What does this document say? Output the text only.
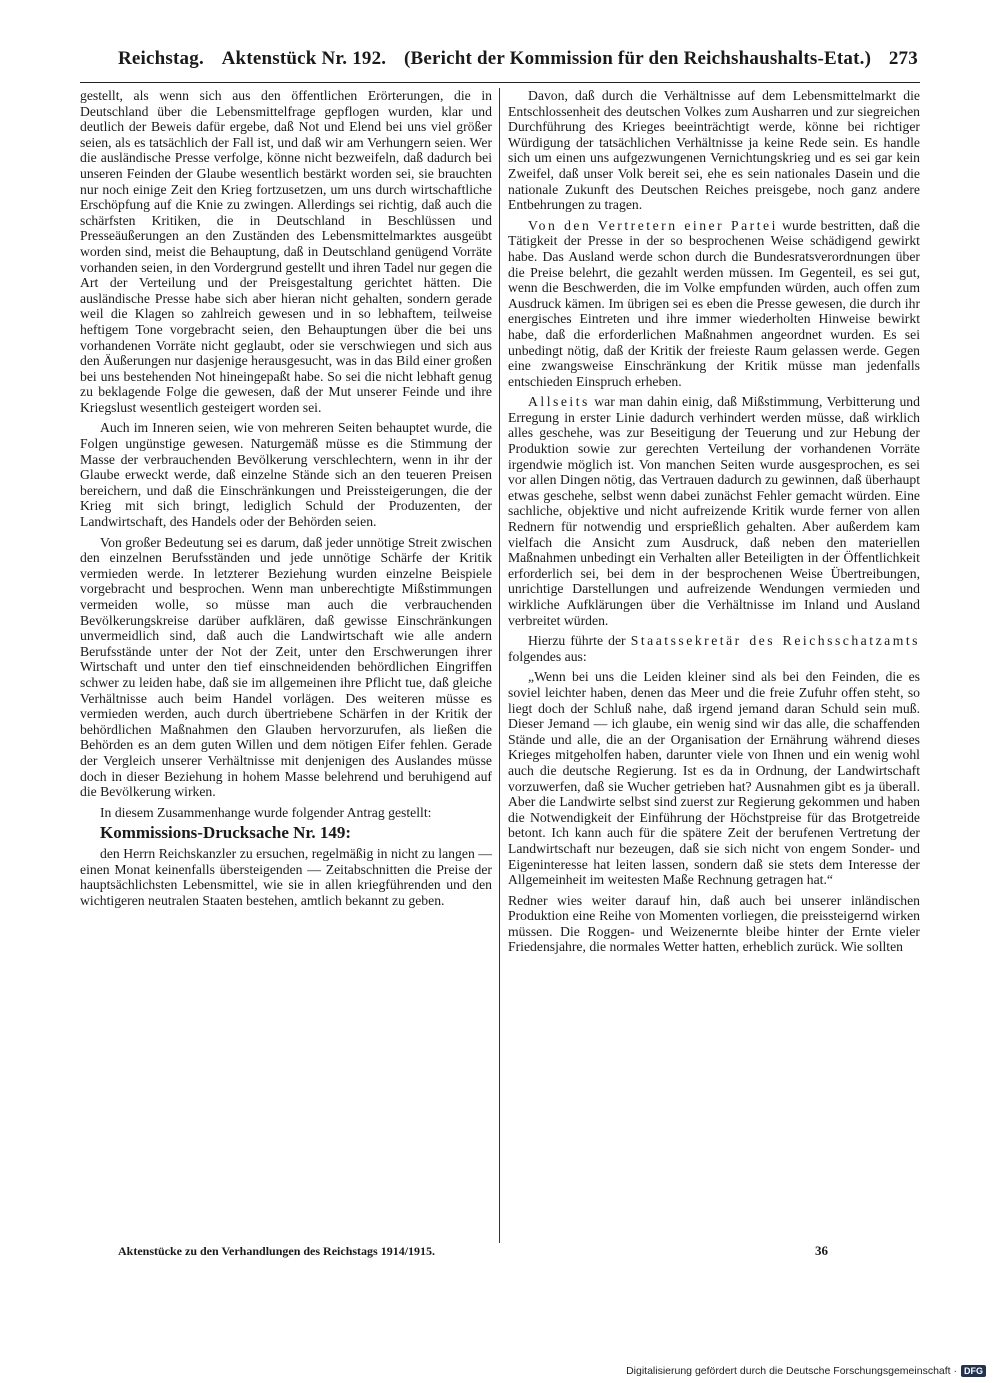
Reichstag. Aktenstück Nr. 192. (Bericht der Kommission für den Reichshaushalts-Etat.) 273

gestellt, als wenn sich aus den öffentlichen Erörterungen, die in Deutschland über die Lebensmittelfrage gepflogen wurden, klar und deutlich der Beweis dafür ergebe, daß Not und Elend bei uns viel größer seien, als es tatsächlich der Fall ist, und daß wir am Verhungern seien. Wer die ausländische Presse verfolge, könne nicht bezweifeln, daß dadurch bei unseren Feinden der Glaube wesentlich bestärkt worden sei, sie brauchten nur noch einige Zeit den Krieg fortzusetzen, um uns durch wirtschaftliche Erschöpfung auf die Knie zu zwingen. Allerdings sei richtig, daß auch die schärfsten Kritiken, die in Deutschland in Beschlüssen und Presseäußerungen an den Zuständen des Lebensmittelmarktes ausgeübt worden sind, meist die Behauptung, daß in Deutschland genügend Vorräte vorhanden seien, in den Vordergrund gestellt und ihren Tadel nur gegen die Art der Verteilung und der Preisgestaltung gerichtet hätten. Die ausländische Presse habe sich aber hieran nicht gehalten, sondern gerade weil die Klagen so zahlreich gewesen und in so lebhaftem, teilweise heftigem Tone vorgebracht seien, den Behauptungen über die bei uns vorhandenen Vorräte nicht geglaubt, oder sie verschwiegen und sich aus den Äußerungen nur dasjenige herausgesucht, was in das Bild einer großen bei uns bestehenden Not hineingepaßt habe. So sei die nicht lebhaft genug zu beklagende Folge die gewesen, daß der Mut unserer Feinde und ihre Kriegslust wesentlich gesteigert worden sei.

Auch im Inneren seien, wie von mehreren Seiten behauptet wurde, die Folgen ungünstige gewesen. Naturgemäß müsse es die Stimmung der Masse der verbrauchenden Bevölkerung verschlechtern, wenn in ihr der Glaube erweckt werde, daß einzelne Stände sich an den teueren Preisen bereichern, und daß die Einschränkungen und Preissteigerungen, die der Krieg mit sich bringt, lediglich Schuld der Produzenten, der Landwirtschaft, des Handels oder der Behörden seien.

Von großer Bedeutung sei es darum, daß jeder unnötige Streit zwischen den einzelnen Berufsständen und jede unnötige Schärfe der Kritik vermieden werde. In letzterer Beziehung wurden einzelne Beispiele vorgebracht und besprochen. Wenn man unberechtigte Mißstimmungen vermeiden wolle, so müsse man auch die verbrauchenden Bevölkerungskreise darüber aufklären, daß gewisse Einschränkungen unvermeidlich sind, daß auch die Landwirtschaft wie alle andern Berufsstände unter der Not der Zeit, unter den Erschwerungen ihrer Wirtschaft und unter den tief einschneidenden behördlichen Eingriffen schwer zu leiden habe, daß sie im allgemeinen ihre Pflicht tue, daß gleiche Verhältnisse auch beim Handel vorlägen. Des weiteren müsse es vermieden werden, auch durch übertriebene Schärfen in der Kritik der behördlichen Maßnahmen den Glauben hervorzurufen, als ließen die Behörden es an dem guten Willen und dem nötigen Eifer fehlen. Gerade der Vergleich unserer Verhältnisse mit denjenigen des Auslandes müsse doch in dieser Beziehung in hohem Masse belehrend und beruhigend auf die Bevölkerung wirken.

In diesem Zusammenhange wurde folgender Antrag gestellt:

Kommissions-Drucksache Nr. 149:

den Herrn Reichskanzler zu ersuchen, regelmäßig in nicht zu langen — einen Monat keinenfalls übersteigenden — Zeitabschnitten die Preise der hauptsächlichsten Lebensmittel, wie sie in allen kriegführenden und den wichtigeren neutralen Staaten bestehen, amtlich bekannt zu geben.

Davon, daß durch die Verhältnisse auf dem Lebensmittelmarkt die Entschlossenheit des deutschen Volkes zum Ausharren und zur siegreichen Durchführung des Krieges beeinträchtigt werde, könne bei richtiger Würdigung der tatsächlichen Verhältnisse ja keine Rede sein. Es handle sich um einen uns aufgezwungenen Vernichtungskrieg und es sei gar kein Zweifel, daß unser Volk bereit sei, ehe es sein nationales Dasein und die nationale Zukunft des Deutschen Reiches preisgebe, noch ganz andere Entbehrungen zu tragen.

Von den Vertretern einer Partei wurde bestritten, daß die Tätigkeit der Presse in der so besprochenen Weise schädigend gewirkt habe. Das Ausland werde schon durch die Bundesratsverordnungen über die Preise belehrt, die gezahlt werden müssen. Im Gegenteil, es sei gut, wenn die Beschwerden, die im Volke empfunden würden, auch offen zum Ausdruck kämen. Im übrigen sei es eben die Presse gewesen, die durch ihr energisches Eintreten und ihre immer wiederholten Hinweise bewirkt habe, daß die erforderlichen Maßnahmen angeordnet wurden. Es sei unbedingt nötig, daß der Kritik der freieste Raum gelassen werde. Gegen eine zwangsweise Einschränkung der Kritik müsse man jedenfalls entschieden Einspruch erheben.

Allseits war man dahin einig, daß Mißstimmung, Verbitterung und Erregung in erster Linie dadurch verhindert werden müsse, daß wirklich alles geschehe, was zur Beseitigung der Teuerung und zur Hebung der Produktion sowie zur gerechten Verteilung der vorhandenen Vorräte irgendwie möglich ist. Von manchen Seiten wurde ausgesprochen, es sei vor allen Dingen nötig, das Vertrauen dadurch zu gewinnen, daß überhaupt etwas geschehe, selbst wenn dabei zunächst Fehler gemacht würden. Eine sachliche, objektive und nicht aufreizende Kritik wurde ferner von allen Rednern für notwendig und ersprießlich gehalten. Aber außerdem kam vielfach die Ansicht zum Ausdruck, daß neben den materiellen Maßnahmen unbedingt ein Verhalten aller Beteiligten in der Öffentlichkeit erforderlich sei, bei dem in der besprochenen Weise Übertreibungen, unrichtige Darstellungen und aufreizende Wendungen vermieden und wirkliche Aufklärungen über die Verhältnisse im Inland und Ausland verbreitet würden.

Hierzu führte der Staatssekretär des Reichsschatzamts folgendes aus:

„Wenn bei uns die Leiden kleiner sind als bei den Feinden, die es soviel leichter haben, denen das Meer und die freie Zufuhr offen steht, so liegt doch der Schluß nahe, daß irgend jemand daran Schuld sein muß. Dieser Jemand — ich glaube, ein wenig sind wir das alle, die schaffenden Stände und alle, die an der Organisation der Ernährung während dieses Krieges mitgeholfen haben, darunter viele von Ihnen und ein wenig wohl auch die deutsche Regierung. Ist es da in Ordnung, der Landwirtschaft vorzuwerfen, daß sie Wucher getrieben hat? Ausnahmen gibt es ja überall. Aber die Landwirte selbst sind zuerst zur Regierung gekommen und haben die Notwendigkeit der Einführung der Höchstpreise für das Brotgetreide betont. Ich kann auch für die spätere Zeit der berufenen Vertretung der Landwirtschaft nur bezeugen, daß sie sich nicht von engem Sonder- und Eigeninteresse hat leiten lassen, sondern daß sie stets dem Interesse der Allgemeinheit im weitesten Maße Rechnung getragen hat.“

Redner wies weiter darauf hin, daß auch bei unserer inländischen Produktion eine Reihe von Momenten vorliegen, die preissteigernd wirken müssen. Die Roggen- und Weizenernte bleibe hinter der Ernte vieler Friedensjahre, die normales Wetter hatten, erheblich zurück. Wie sollten

Aktenstücke zu den Verhandlungen des Reichstags 1914/1915.	36
Digitalisierung gefördert durch die Deutsche Forschungsgemeinschaft · DFG
